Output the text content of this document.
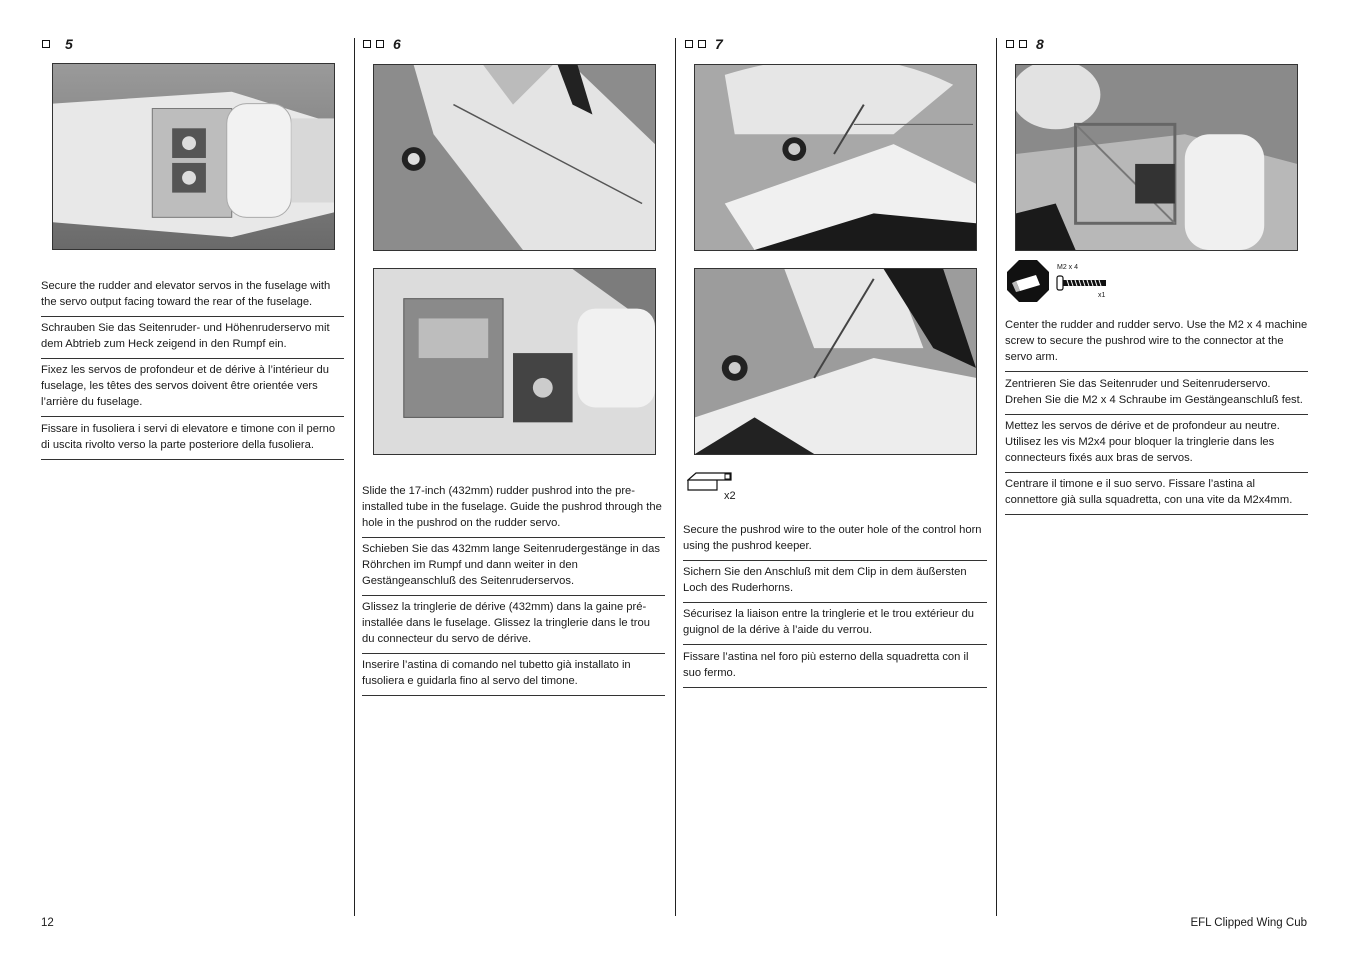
5
Secure the rudder and elevator servos in the fuselage with the servo output facing toward the rear of the fuselage.
Schrauben Sie das Seitenruder- und Höhenruderservo mit dem Abtrieb zum Heck zeigend in den Rumpf ein.
Fixez les servos de profondeur et de dérive à l’intérieur du fuselage, les têtes des servos doivent être orientée vers l’arrière du fuselage.
Fissare in fusoliera i servi di elevatore e timone con il perno di uscita rivolto verso la parte posteriore della fusoliera.
6
Slide the 17-inch (432mm) rudder pushrod into the pre-installed tube in the fuselage. Guide the pushrod through the hole in the pushrod on the rudder servo.
Schieben Sie das 432mm lange Seitenrudergestänge in das Röhrchen im Rumpf und dann weiter in den Gestängeanschluß des Seitenruderservos.
Glissez la tringlerie de dérive (432mm) dans la gaine pré-installée dans le fuselage. Glissez la tringlerie dans le trou du connecteur du servo de dérive.
Inserire l’astina di comando nel tubetto già installato in fusoliera e guidarla fino al servo del timone.
7
x2
Secure the pushrod wire to the outer hole of the control horn using the pushrod keeper.
Sichern Sie den Anschluß mit dem Clip in dem äußersten Loch des Ruderhorns.
Sécurisez la liaison entre la tringlerie et le trou extérieur du guignol de la dérive à l’aide du verrou.
Fissare l’astina nel foro più esterno della squadretta con il suo fermo.
8
M2 x 4
x1
Center the rudder and rudder servo. Use the M2 x 4 machine screw to secure the pushrod wire to the connector at the servo arm.
Zentrieren Sie das Seitenruder und Seitenruderservo. Drehen Sie die M2 x 4 Schraube im Gestängeanschluß fest.
Mettez les servos de dérive et de profondeur au neutre. Utilisez les vis M2x4 pour bloquer la tringlerie dans les connecteurs fixés aux bras de servos.
Centrare il timone e il suo servo. Fissare l’astina al connettore già sulla squadretta, con una vite da M2x4mm.
12	EFL Clipped Wing Cub
